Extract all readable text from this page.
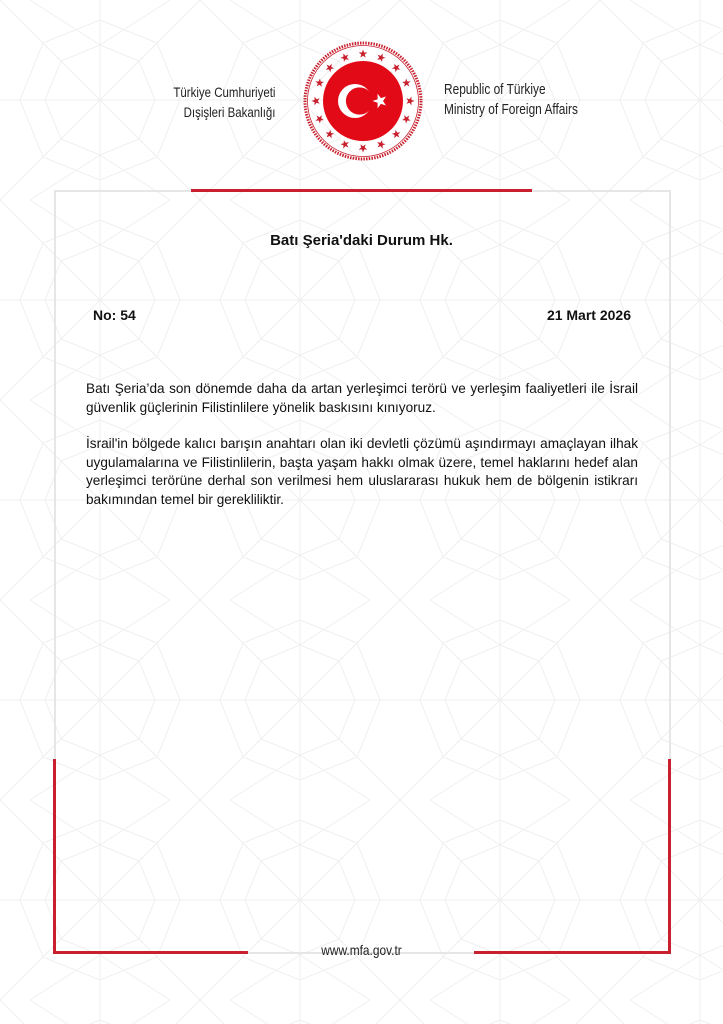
Türkiye Cumhuriyeti
Dışişleri Bakanlığı
Republic of Türkiye
Ministry of Foreign Affairs
Batı Şeria'daki Durum Hk.
No: 54	21 Mart 2026
Batı Şeria’da son dönemde daha da artan yerleşimci terörü ve yerleşim faaliyetleri ile İsrail güvenlik güçlerinin Filistinlilere yönelik baskısını kınıyoruz.
İsrail'in bölgede kalıcı barışın anahtarı olan iki devletli çözümü aşındırmayı amaçlayan ilhak uygulamalarına ve Filistinlilerin, başta yaşam hakkı olmak üzere, temel haklarını hedef alan yerleşimci terörüne derhal son verilmesi hem uluslararası hukuk hem de bölgenin istikrarı bakımından temel bir gerekliliktir.
www.mfa.gov.tr
